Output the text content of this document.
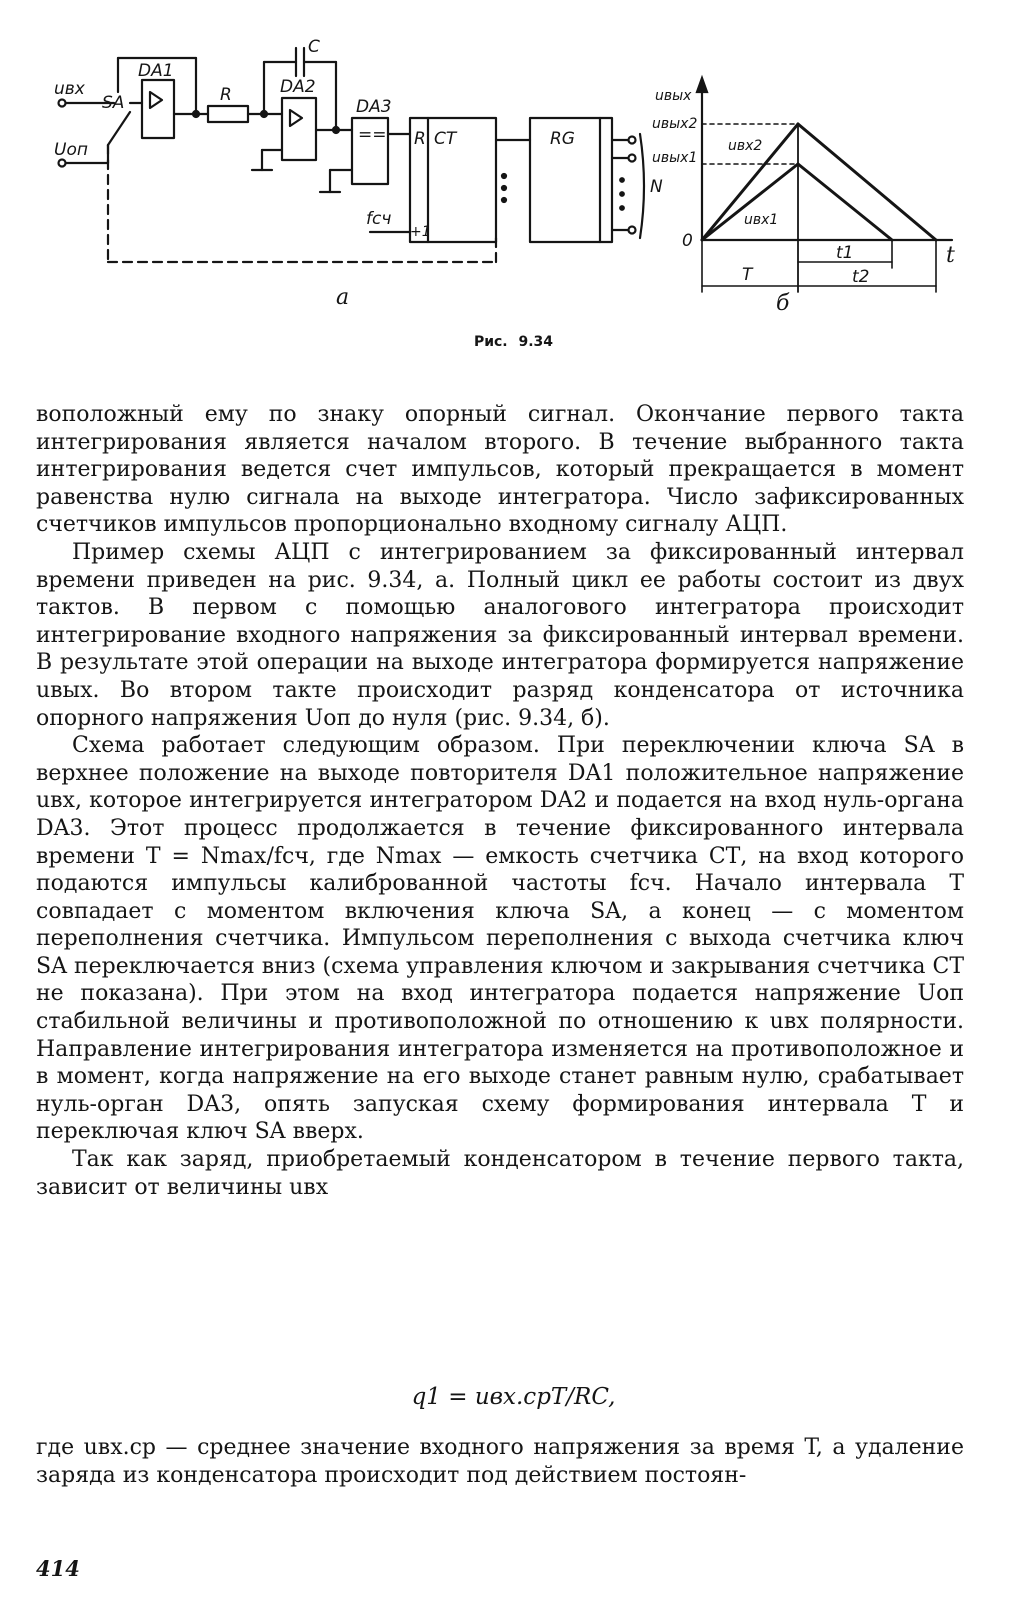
uвх
SA
Uоп
DA1
R
C
DA2
DA3
== R CT
+1
fсч
RG
N
а
uвых
uвых2
uвых1
uвх2
uвх1
0
t
T
t1
t2
б
Рис. 9.34

воположный ему по знаку опорный сигнал. Окончание первого такта интегрирования является началом второго. В течение выбранного такта интегрирования ведется счет импульсов, который прекращается в момент равенства нулю сигнала на выходе интегратора. Число зафиксированных счетчиков импульсов пропорционально входному сигналу АЦП.

Пример схемы АЦП с интегрированием за фиксированный интервал времени приведен на рис. 9.34, а. Полный цикл ее работы состоит из двух тактов. В первом с помощью аналогового интегратора происходит интегрирование входного напряжения за фиксированный интервал времени. В результате этой операции на выходе интегратора формируется напряжение uвых. Во втором такте происходит разряд конденсатора от источника опорного напряжения Uоп до нуля (рис. 9.34, б).

Схема работает следующим образом. При переключении ключа SA в верхнее положение на выходе повторителя DA1 положительное напряжение uвх, которое интегрируется интегратором DA2 и подается на вход нуль-органа DA3. Этот процесс продолжается в течение фиксированного интервала времени T = Nmax/fсч, где Nmax — емкость счетчика СТ, на вход которого подаются импульсы калиброванной частоты fсч. Начало интервала T совпадает с моментом включения ключа SA, а конец — с моментом переполнения счетчика. Импульсом переполнения с выхода счетчика ключ SA переключается вниз (схема управления ключом и закрывания счетчика СТ не показана). При этом на вход интегратора подается напряжение Uоп стабильной величины и противоположной по отношению к uвх полярности. Направление интегрирования интегратора изменяется на противоположное и в момент, когда напряжение на его выходе станет равным нулю, срабатывает нуль-орган DA3, опять запуская схему формирования интервала T и переключая ключ SA вверх.

Так как заряд, приобретаемый конденсатором в течение первого такта, зависит от величины uвх

q1 = uвх.срT/RC,

где uвх.ср — среднее значение входного напряжения за время T, а удаление заряда из конденсатора происходит под действием постоян-

414
